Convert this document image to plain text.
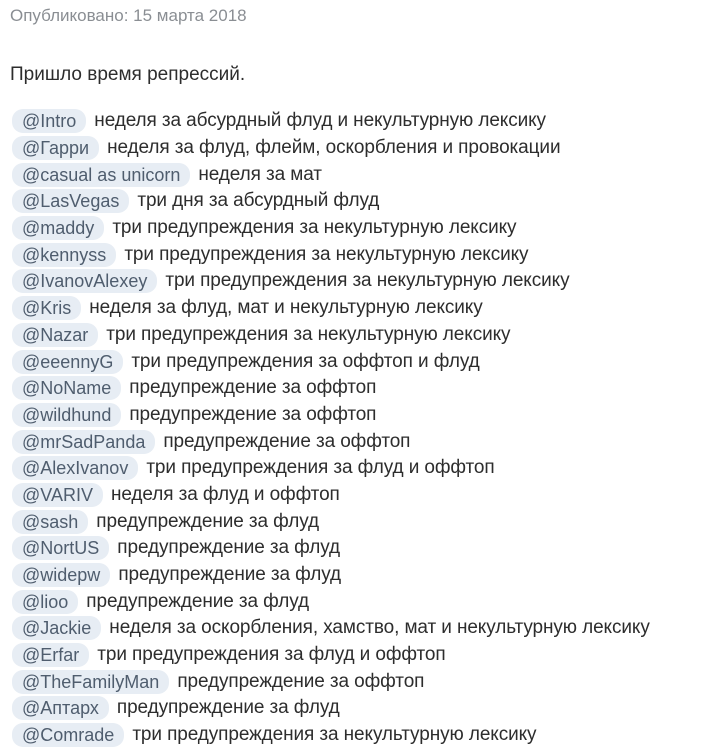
Опубликовано: 15 марта 2018
Пришло время репрессий.
@Intro неделя за абсурдный флуд и некультурную лексику
@Гарри неделя за флуд, флейм, оскорбления и провокации
@casual as unicorn неделя за мат
@LasVegas три дня за абсурдный флуд
@maddy три предупреждения за некультурную лексику
@kennyss три предупреждения за некультурную лексику
@IvanovAlexey три предупреждения за некультурную лексику
@Kris неделя за флуд, мат и некультурную лексику
@Nazar три предупреждения за некультурную лексику
@eeennyG три предупреждения за оффтоп и флуд
@NoName предупреждение за оффтоп
@wildhund предупреждение за оффтоп
@mrSadPanda предупреждение за оффтоп
@AlexIvanov три предупреждения за флуд и оффтоп
@VARIV неделя за флуд и оффтоп
@sash предупреждение за флуд
@NortUS предупреждение за флуд
@widepw предупреждение за флуд
@lioo предупреждение за флуд
@Jackie неделя за оскорбления, хамство, мат и некультурную лексику
@Erfar три предупреждения за флуд и оффтоп
@TheFamilyMan предупреждение за оффтоп
@Аптарх предупреждение за флуд
@Comrade три предупреждения за некультурную лексику
